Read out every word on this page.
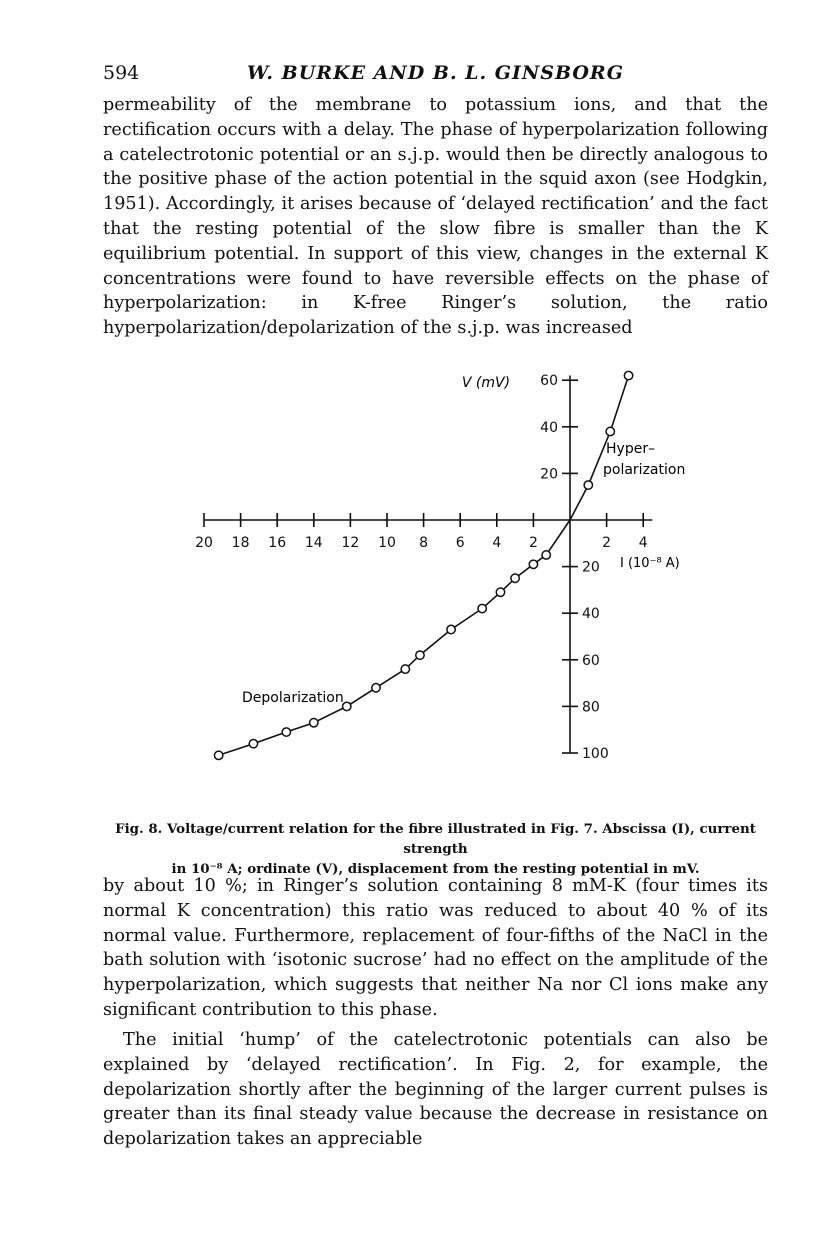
594	W. BURKE AND B. L. GINSBORG

permeability of the membrane to potassium ions, and that the rectification occurs with a delay. The phase of hyperpolarization following a catelectrotonic potential or an s.j.p. would then be directly analogous to the positive phase of the action potential in the squid axon (see Hodgkin, 1951). Accordingly, it arises because of ‘delayed rectification’ and the fact that the resting potential of the slow fibre is smaller than the K equilibrium potential. In support of this view, changes in the external K concentrations were found to have reversible effects on the phase of hyperpolarization: in K-free Ringer’s solution, the ratio hyperpolarization/depolarization of the s.j.p. was increased

20 18 16 14 12 10 8 6 4 2	2 4
60
40
20
20
40
60
80
100
V (mV)
I (10⁻⁸ A)
Hyper–
polarization
Depolarization

Fig. 8. Voltage/current relation for the fibre illustrated in Fig. 7. Abscissa (I), current strength

in 10⁻⁸ A; ordinate (V), displacement from the resting potential in mV.

by about 10 %; in Ringer’s solution containing 8 mM-K (four times its normal K concentration) this ratio was reduced to about 40 % of its normal value. Furthermore, replacement of four-fifths of the NaCl in the bath solution with ‘isotonic sucrose’ had no effect on the amplitude of the hyperpolarization, which suggests that neither Na nor Cl ions make any significant contribution to this phase.

The initial ‘hump’ of the catelectrotonic potentials can also be explained by ‘delayed rectification’. In Fig. 2, for example, the depolarization shortly after the beginning of the larger current pulses is greater than its final steady value because the decrease in resistance on depolarization takes an appreciable
